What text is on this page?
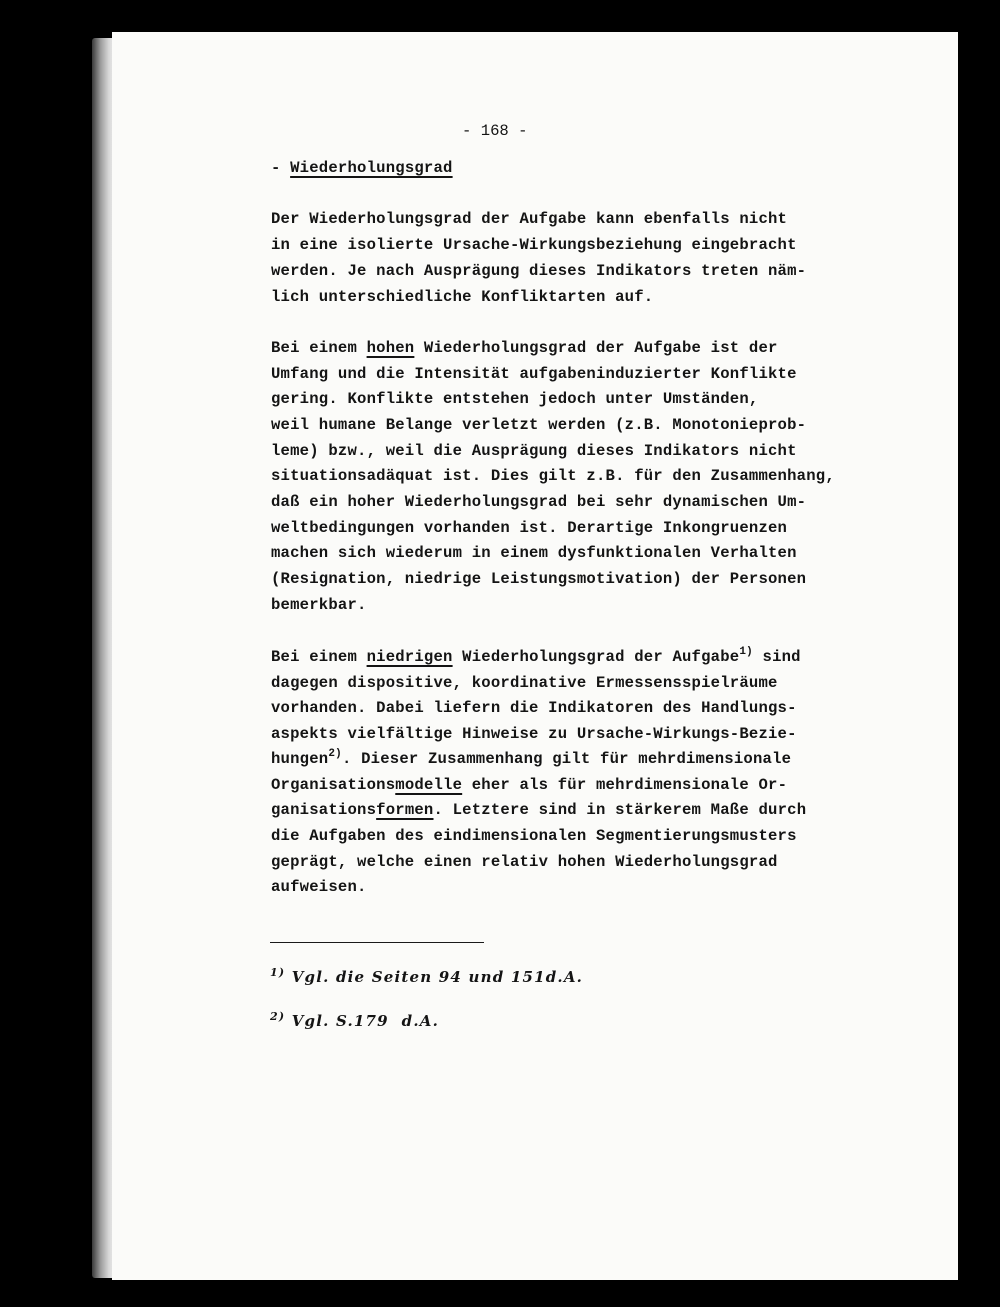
- 168 -
- Wiederholungsgrad
Der Wiederholungsgrad der Aufgabe kann ebenfalls nicht
in eine isolierte Ursache-Wirkungsbeziehung eingebracht
werden. Je nach Ausprägung dieses Indikators treten näm-
lich unterschiedliche Konfliktarten auf.
Bei einem hohen Wiederholungsgrad der Aufgabe ist der
Umfang und die Intensität aufgabeninduzierter Konflikte
gering. Konflikte entstehen jedoch unter Umständen,
weil humane Belange verletzt werden (z.B. Monotonieprob-
leme) bzw., weil die Ausprägung dieses Indikators nicht
situationsadäquat ist. Dies gilt z.B. für den Zusammenhang,
daß ein hoher Wiederholungsgrad bei sehr dynamischen Um-
weltbedingungen vorhanden ist. Derartige Inkongruenzen
machen sich wiederum in einem dysfunktionalen Verhalten
(Resignation, niedrige Leistungsmotivation) der Personen
bemerkbar.
Bei einem niedrigen Wiederholungsgrad der Aufgabe$^{1)}$ sind
dagegen dispositive, koordinative Ermessensspielräume
vorhanden. Dabei liefern die Indikatoren des Handlungs-
aspekts vielfältige Hinweise zu Ursache-Wirkungs-Bezie-
hungen$^{2)}$. Dieser Zusammenhang gilt für mehrdimensionale
Organisationsmodelle eher als für mehrdimensionale Or-
ganisationsformen. Letztere sind in stärkerem Maße durch
die Aufgaben des eindimensionalen Segmentierungsmusters
geprägt, welche einen relativ hohen Wiederholungsgrad
aufweisen.
$^{1)}$ Vgl. die Seiten 94 und 151d.A.
$^{2)}$ Vgl. S.179  d.A.
